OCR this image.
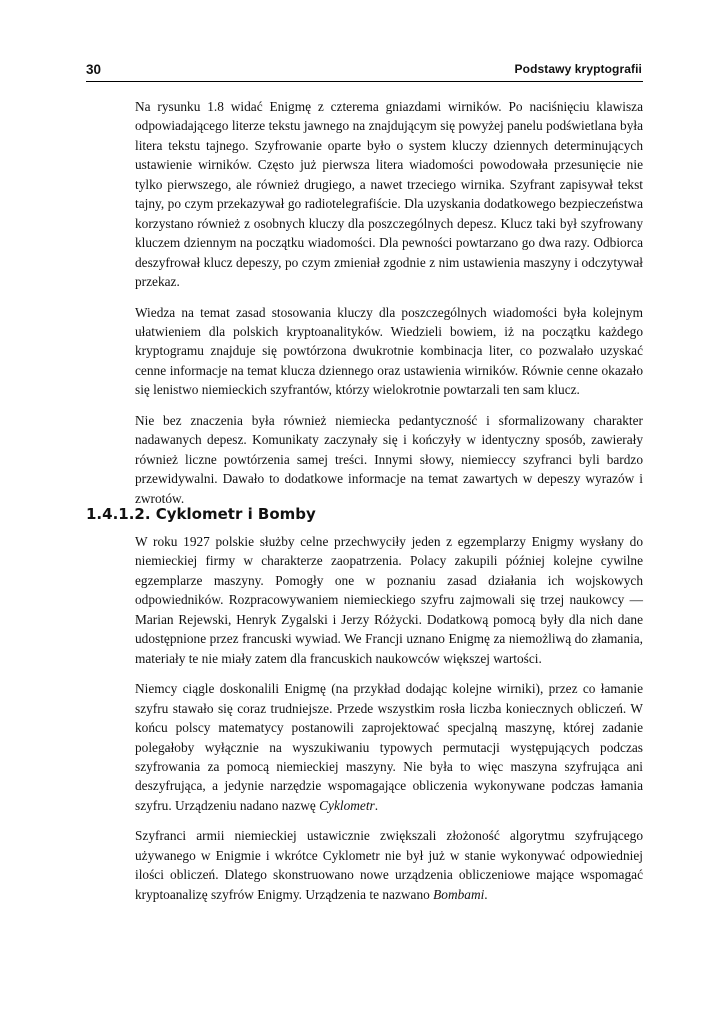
30	Podstawy kryptografii

Na rysunku 1.8 widać Enigmę z czterema gniazdami wirników. Po naciśnięciu klawisza odpowiadającego literze tekstu jawnego na znajdującym się powyżej panelu podświetlana była litera tekstu tajnego. Szyfrowanie oparte było o system kluczy dziennych determinujących ustawienie wirników. Często już pierwsza litera wiadomości powodowała przesunięcie nie tylko pierwszego, ale również drugiego, a nawet trzeciego wirnika. Szyfrant zapisywał tekst tajny, po czym przekazywał go radiotelegrafiście. Dla uzyskania dodatkowego bezpieczeństwa korzystano również z osobnych kluczy dla poszczególnych depesz. Klucz taki był szyfrowany kluczem dziennym na początku wiadomości. Dla pewności powtarzano go dwa razy. Odbiorca deszyfrował klucz depeszy, po czym zmieniał zgodnie z nim ustawienia maszyny i odczytywał przekaz.

Wiedza na temat zasad stosowania kluczy dla poszczególnych wiadomości była kolejnym ułatwieniem dla polskich kryptoanalityków. Wiedzieli bowiem, iż na początku każdego kryptogramu znajduje się powtórzona dwukrotnie kombinacja liter, co pozwalało uzyskać cenne informacje na temat klucza dziennego oraz ustawienia wirników. Równie cenne okazało się lenistwo niemieckich szyfrantów, którzy wielokrotnie powtarzali ten sam klucz.

Nie bez znaczenia była również niemiecka pedantyczność i sformalizowany charakter nadawanych depesz. Komunikaty zaczynały się i kończyły w identyczny sposób, zawierały również liczne powtórzenia samej treści. Innymi słowy, niemieccy szyfranci byli bardzo przewidywalni. Dawało to dodatkowe informacje na temat zawartych w depeszy wyrazów i zwrotów.

1.4.1.2. Cyklometr i Bomby

W roku 1927 polskie służby celne przechwyciły jeden z egzemplarzy Enigmy wysłany do niemieckiej firmy w charakterze zaopatrzenia. Polacy zakupili później kolejne cywilne egzemplarze maszyny. Pomogły one w poznaniu zasad działania ich wojskowych odpowiedników. Rozpracowywaniem niemieckiego szyfru zajmowali się trzej naukowcy — Marian Rejewski, Henryk Zygalski i Jerzy Różycki. Dodatkową pomocą były dla nich dane udostępnione przez francuski wywiad. We Francji uznano Enigmę za niemożliwą do złamania, materiały te nie miały zatem dla francuskich naukowców większej wartości.

Niemcy ciągle doskonalili Enigmę (na przykład dodając kolejne wirniki), przez co łamanie szyfru stawało się coraz trudniejsze. Przede wszystkim rosła liczba koniecznych obliczeń. W końcu polscy matematycy postanowili zaprojektować specjalną maszynę, której zadanie polegałoby wyłącznie na wyszukiwaniu typowych permutacji występujących podczas szyfrowania za pomocą niemieckiej maszyny. Nie była to więc maszyna szyfrująca ani deszyfrująca, a jedynie narzędzie wspomagające obliczenia wykonywane podczas łamania szyfru. Urządzeniu nadano nazwę Cyklometr.

Szyfranci armii niemieckiej ustawicznie zwiększali złożoność algorytmu szyfrującego używanego w Enigmie i wkrótce Cyklometr nie był już w stanie wykonywać odpowiedniej ilości obliczeń. Dlatego skonstruowano nowe urządzenia obliczeniowe mające wspomagać kryptoanalizę szyfrów Enigmy. Urządzenia te nazwano Bombami.
